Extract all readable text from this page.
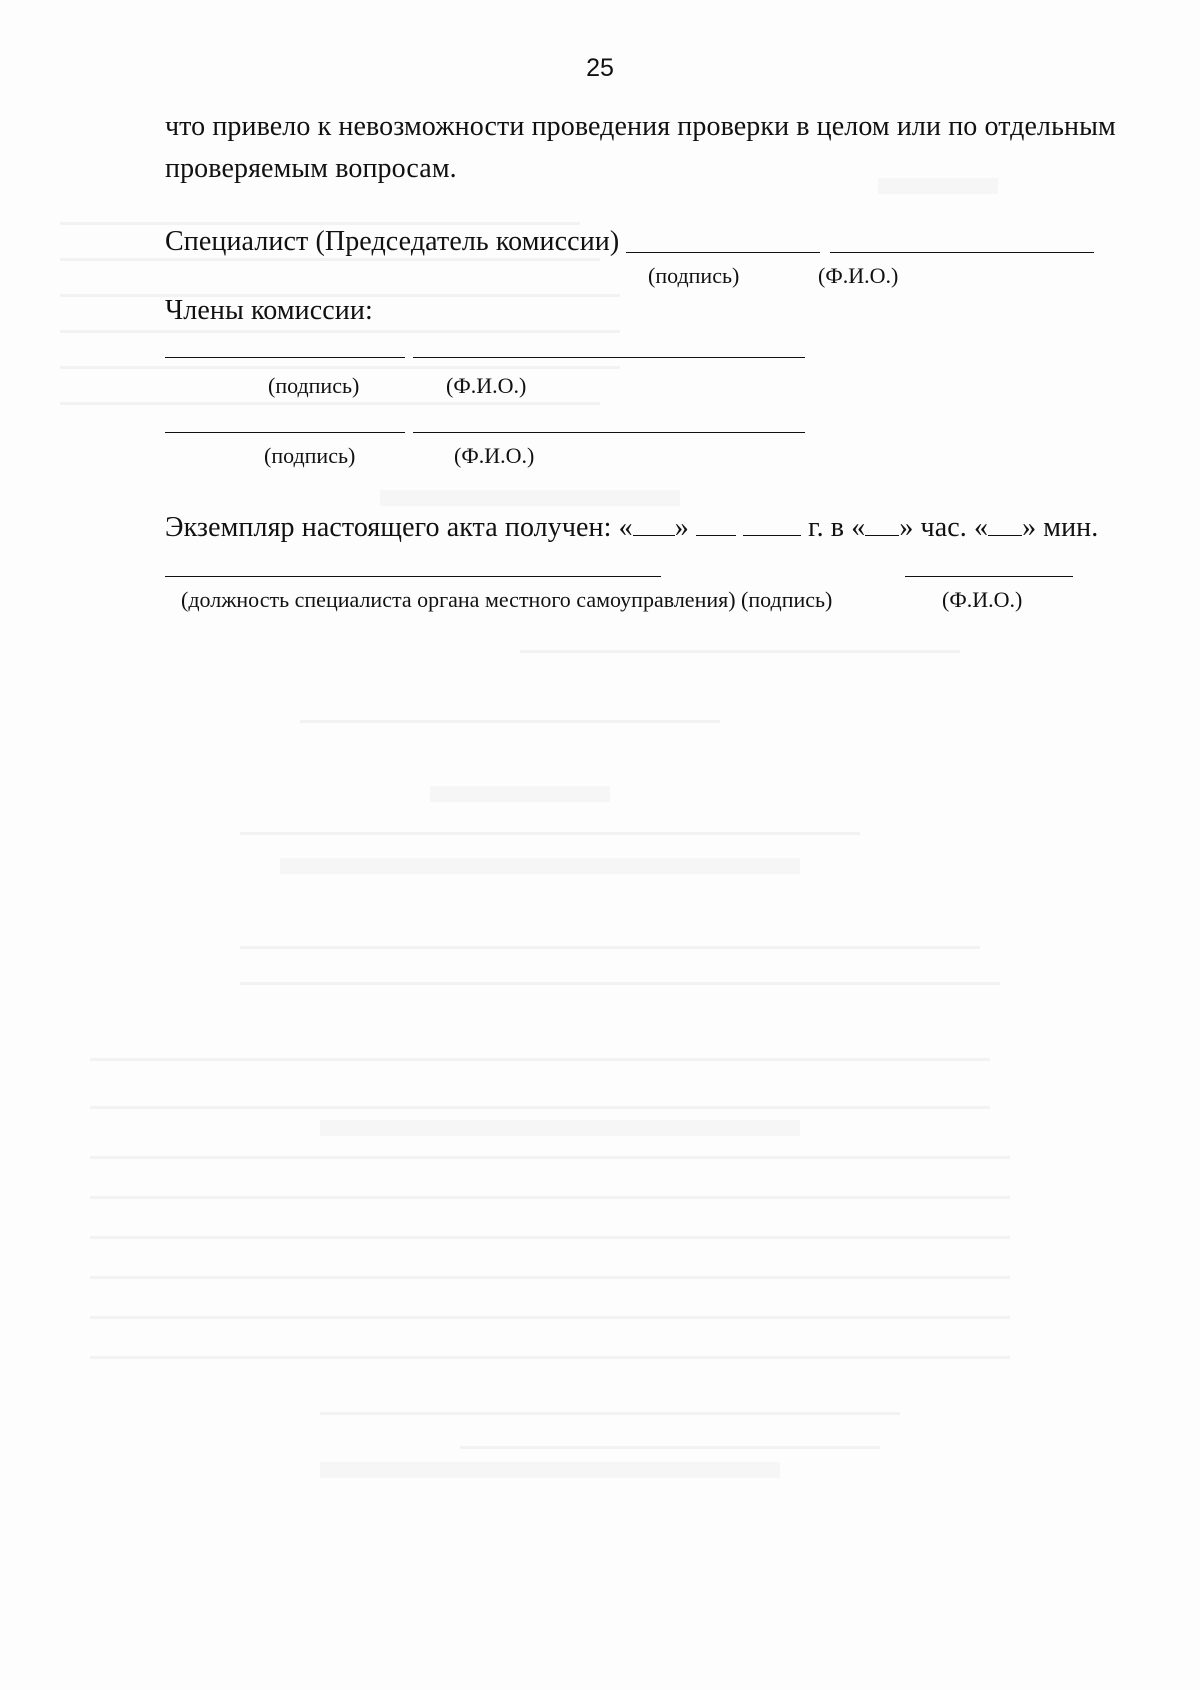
25
что привело к невозможности проведения проверки в целом или по отдельным
проверяемым вопросам.
Специалист (Председатель комиссии)
(подпись)	(Ф.И.О.)
Члены комиссии:
(подпись)	(Ф.И.О.)
(подпись)	(Ф.И.О.)
Экземпляр настоящего акта получен: « »	г. в « » час. « » мин.
(должность специалиста органа местного самоуправления) (подпись)	(Ф.И.О.)
